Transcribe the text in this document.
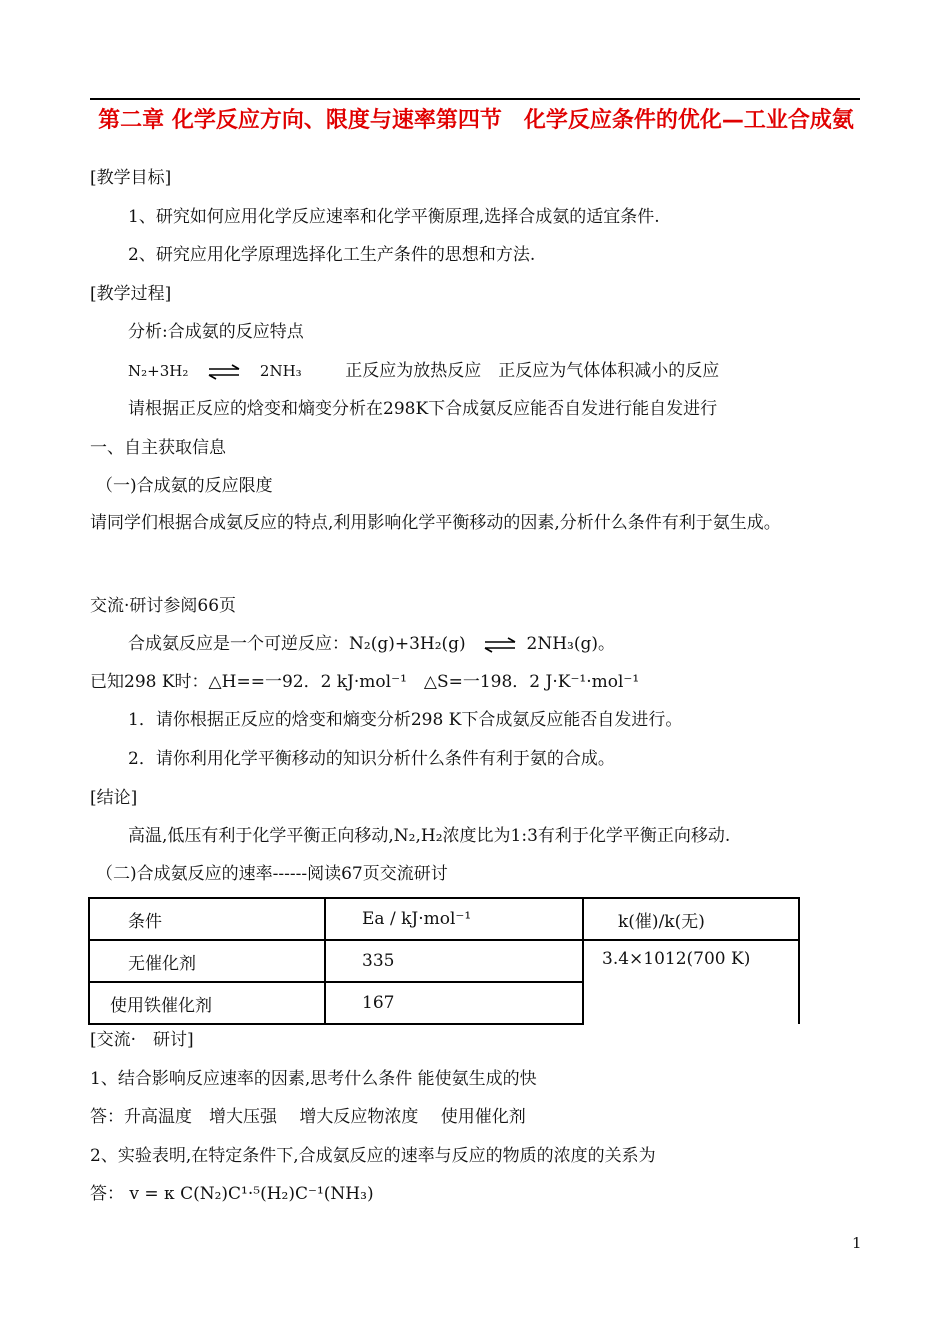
第二章 化学反应方向、限度与速率第四节　化学反应条件的优化—工业合成氨
[教学目标]
1、研究如何应用化学反应速率和化学平衡原理,选择合成氨的适宜条件.
2、研究应用化学原理选择化工生产条件的思想和方法.
[教学过程]
分析:合成氨的反应特点
N₂+3H₂ ⇌ 2NH₃	正反应为放热反应　正反应为气体体积减小的反应
请根据正反应的焓变和熵变分析在298K下合成氨反应能否自发进行能自发进行
一、自主获取信息
（一)合成氨的反应限度
请同学们根据合成氨反应的特点,利用影响化学平衡移动的因素,分析什么条件有利于氨生成。
交流·研讨参阅66页
合成氨反应是一个可逆反应：N₂(g)+3H₂(g) ⇌ 2NH₃(g)。
已知298 K时：△H==一92．2 kJ·mol⁻¹　△S=一198．2 J·K⁻¹·mol⁻¹
1．请你根据正反应的焓变和熵变分析298 K下合成氨反应能否自发进行。
2．请你利用化学平衡移动的知识分析什么条件有利于氨的合成。
[结论]
高温,低压有利于化学平衡正向移动,N₂,H₂浓度比为1:3有利于化学平衡正向移动.
（二)合成氨反应的速率------阅读67页交流研讨
条件	Ea / kJ·mol⁻¹	k(催)/k(无)
无催化剂	335	3.4×1012(700 K)
使用铁催化剂	167	
[交流·　研讨]
1、结合影响反应速率的因素,思考什么条件 能使氨生成的快
答：升高温度　增大压强　 增大反应物浓度　 使用催化剂
2、实验表明,在特定条件下,合成氨反应的速率与反应的物质的浓度的关系为
答： v = κ C(N₂)C¹·⁵(H₂)C⁻¹(NH₃)
1
